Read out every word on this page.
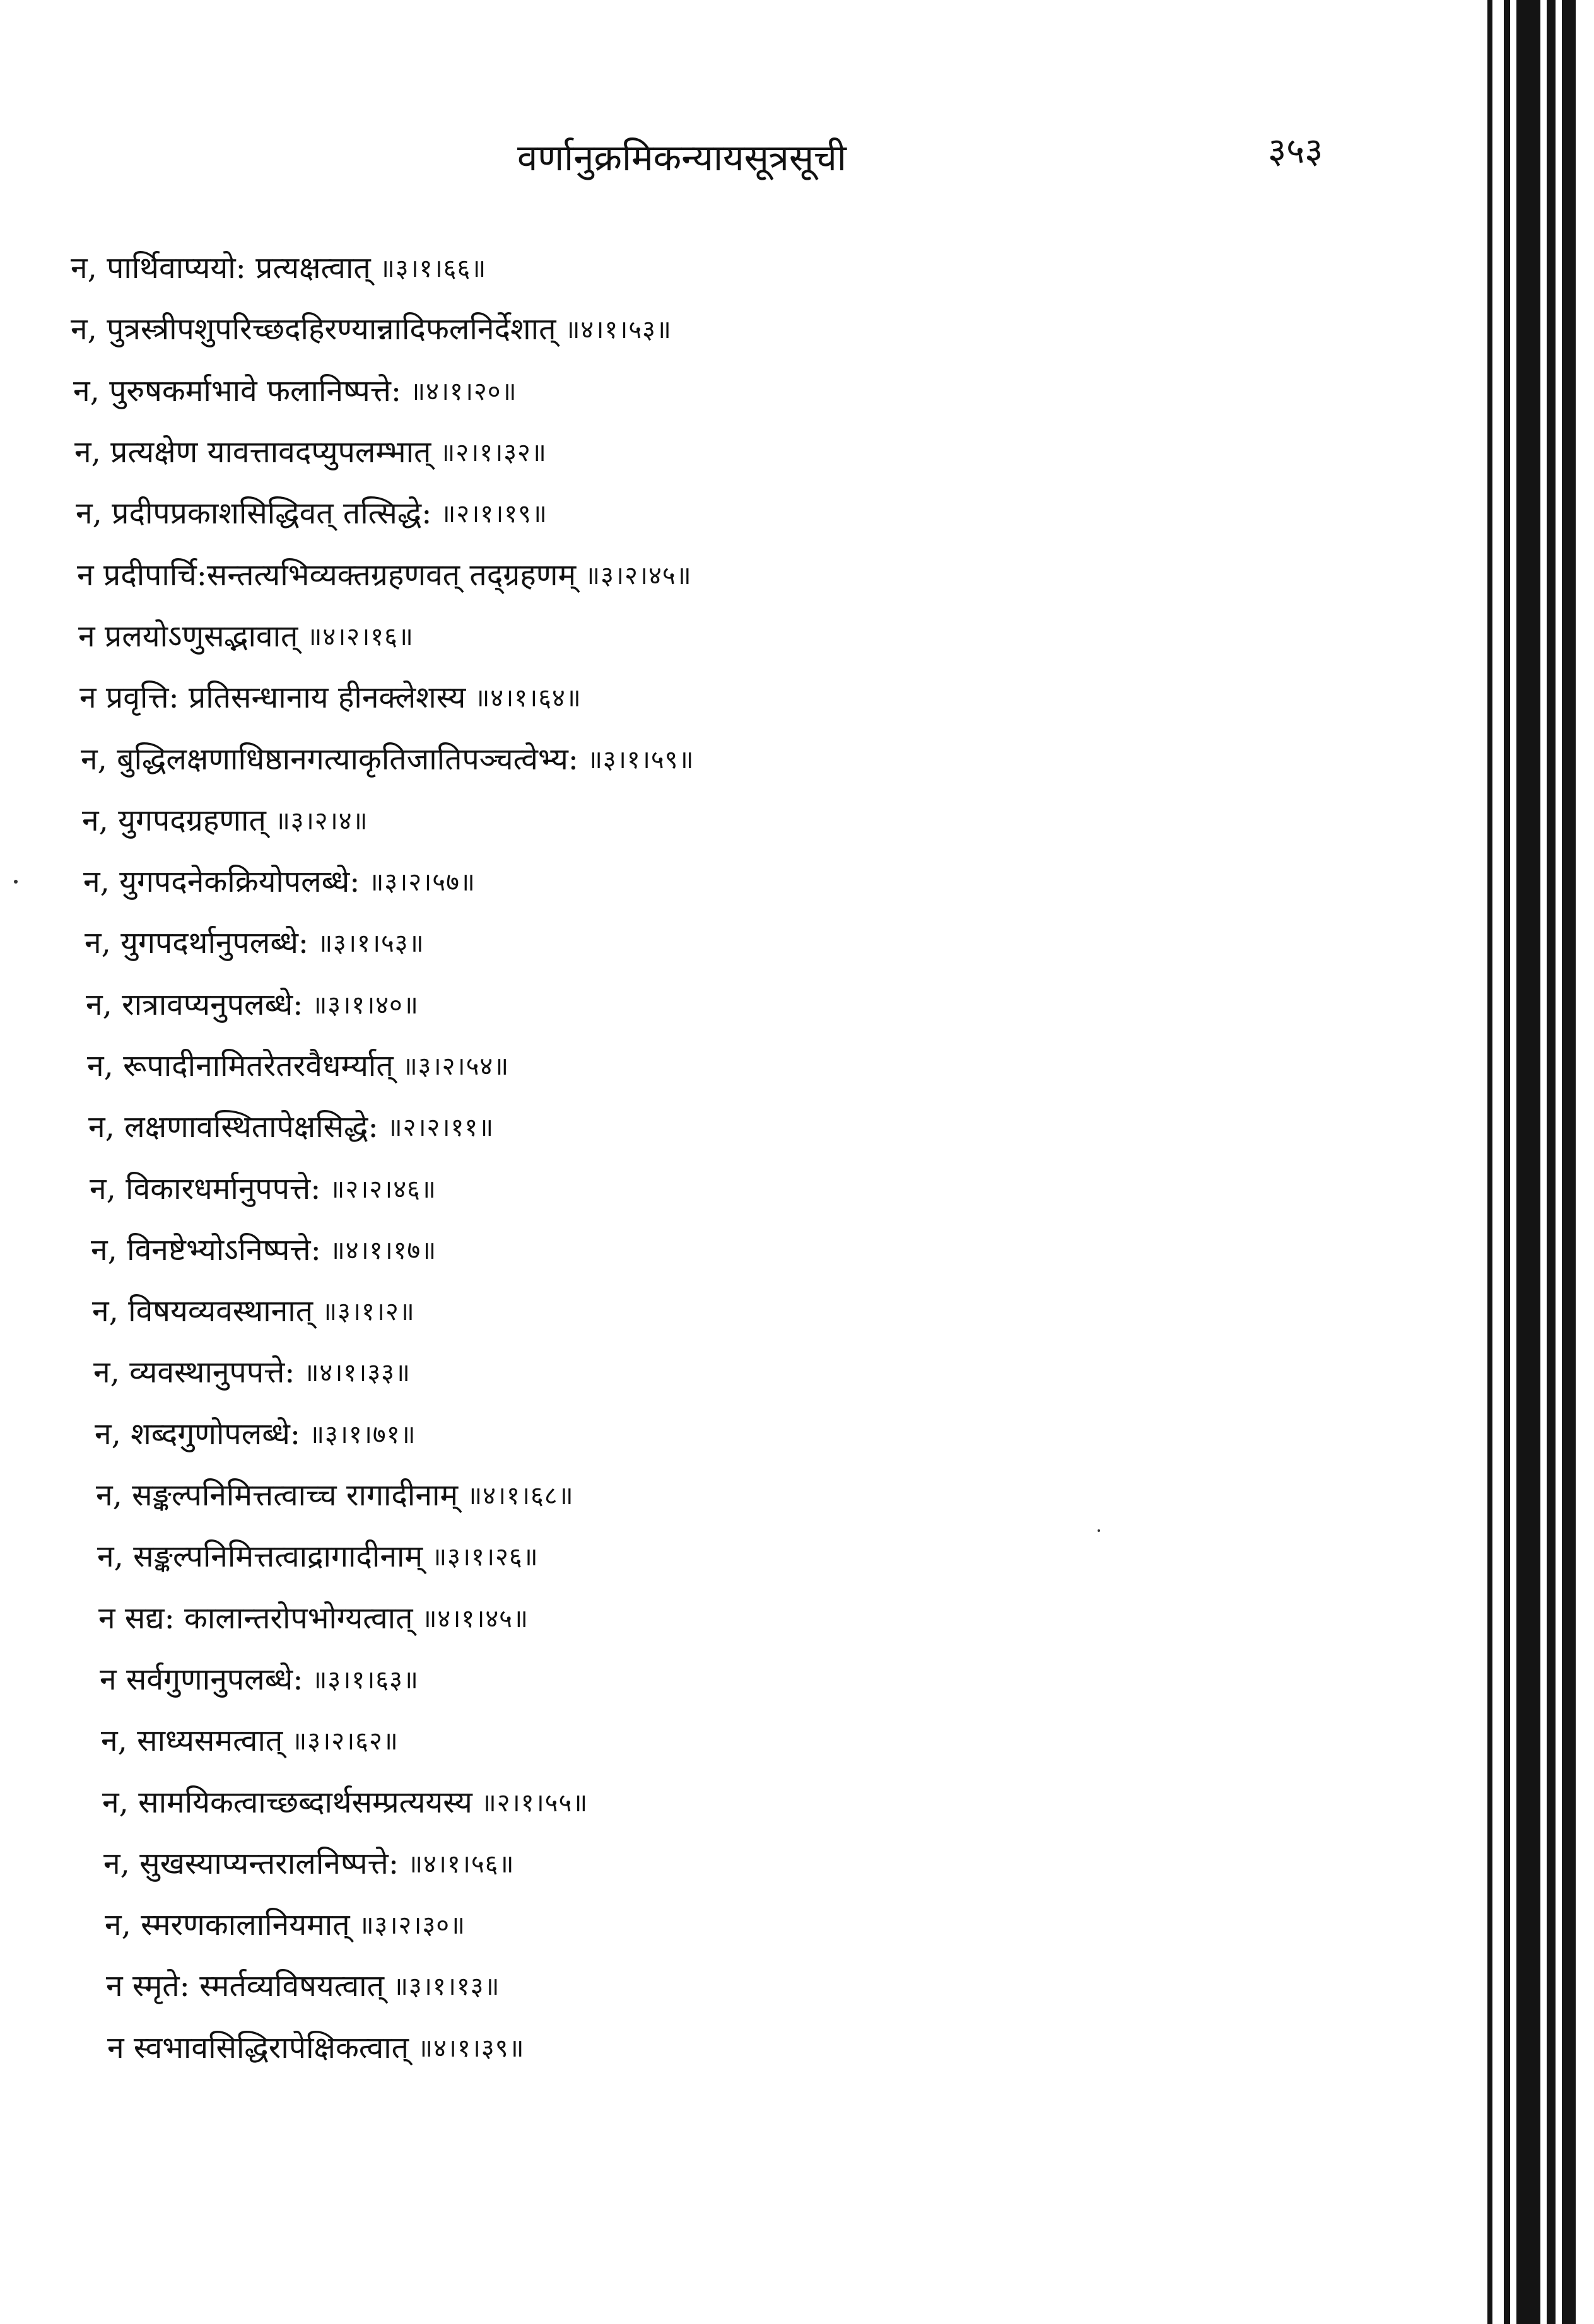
वर्णानुक्रमिकन्यायसूत्रसूची	३५३
न, पार्थिवाप्ययो: प्रत्यक्षत्वात् ॥३।१।६६॥
न, पुत्रस्त्रीपशुपरिच्छदहिरण्यान्नादिफलनिर्देशात् ॥४।१।५३॥
न, पुरुषकर्माभावे फलानिष्पत्ते: ॥४।१।२०॥
न, प्रत्यक्षेण यावत्तावदप्युपलम्भात् ॥२।१।३२॥
न, प्रदीपप्रकाशसिद्धिवत् तत्सिद्धे: ॥२।१।१९॥
न प्रदीपार्चि:सन्तत्यभिव्यक्तग्रहणवत् तद्ग्रहणम् ॥३।२।४५॥
न प्रलयोऽणुसद्भावात् ॥४।२।१६॥
न प्रवृत्ति: प्रतिसन्धानाय हीनक्लेशस्य ॥४।१।६४॥
न, बुद्धिलक्षणाधिष्ठानगत्याकृतिजातिपञ्चत्वेभ्य: ॥३।१।५९॥
न, युगपदग्रहणात् ॥३।२।४॥
न, युगपदनेकक्रियोपलब्धे: ॥३।२।५७॥
न, युगपदर्थानुपलब्धे: ॥३।१।५३॥
न, रात्रावप्यनुपलब्धे: ॥३।१।४०॥
न, रूपादीनामितरेतरवैधर्म्यात् ॥३।२।५४॥
न, लक्षणावस्थितापेक्षसिद्धे: ॥२।२।११॥
न, विकारधर्मानुपपत्ते: ॥२।२।४६॥
न, विनष्टेभ्योऽनिष्पत्ते: ॥४।१।१७॥
न, विषयव्यवस्थानात् ॥३।१।२॥
न, व्यवस्थानुपपत्ते: ॥४।१।३३॥
न, शब्दगुणोपलब्धे: ॥३।१।७१॥
न, सङ्कल्पनिमित्तत्वाच्च रागादीनाम् ॥४।१।६८॥
न, सङ्कल्पनिमित्तत्वाद्रागादीनाम् ॥३।१।२६॥
न सद्य: कालान्तरोपभोग्यत्वात् ॥४।१।४५॥
न सर्वगुणानुपलब्धे: ॥३।१।६३॥
न, साध्यसमत्वात् ॥३।२।६२॥
न, सामयिकत्वाच्छब्दार्थसम्प्रत्ययस्य ॥२।१।५५॥
न, सुखस्याप्यन्तरालनिष्पत्ते: ॥४।१।५६॥
न, स्मरणकालानियमात् ॥३।२।३०॥
न स्मृते: स्मर्तव्यविषयत्वात् ॥३।१।१३॥
न स्वभावसिद्धिरापेक्षिकत्वात् ॥४।१।३९॥
